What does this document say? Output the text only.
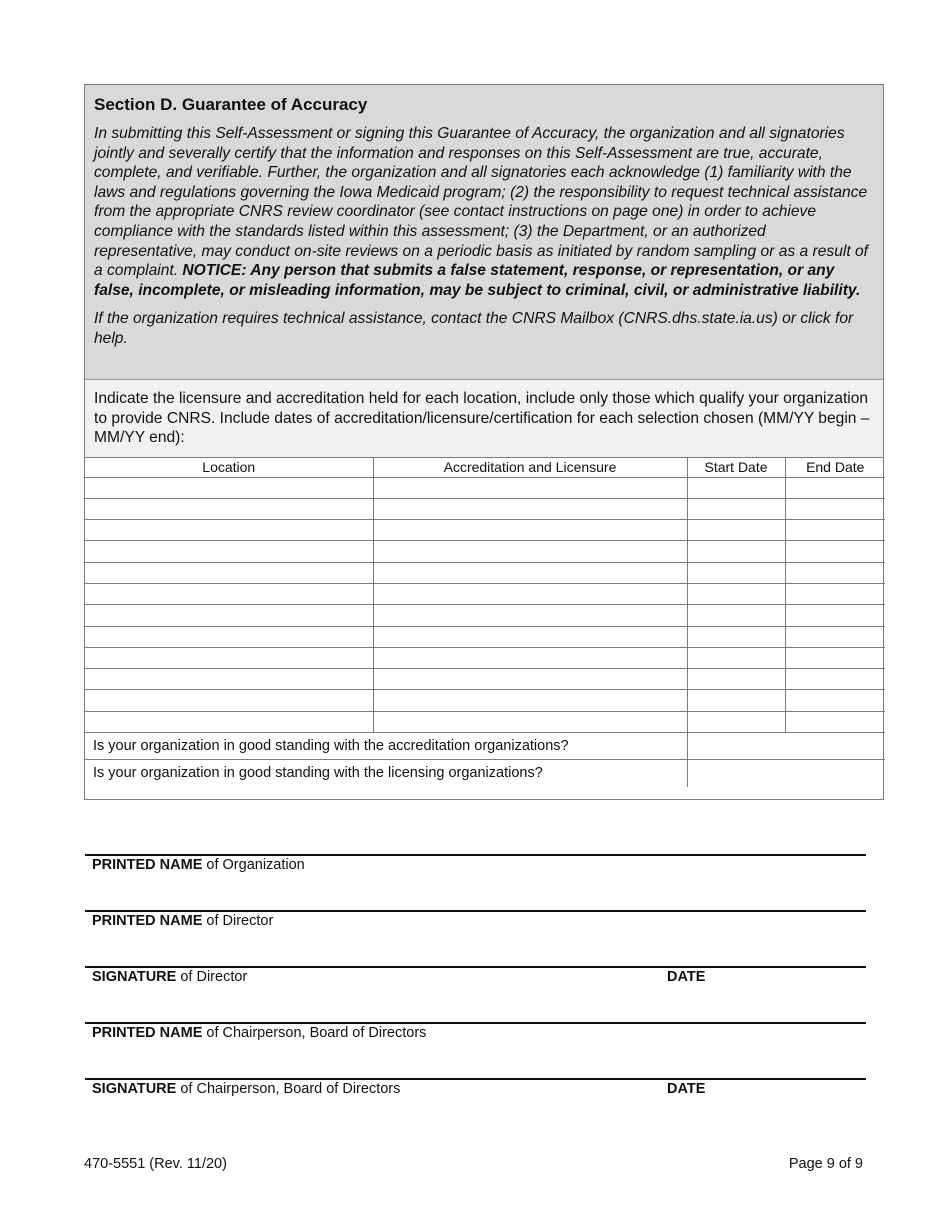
Section D. Guarantee of Accuracy

In submitting this Self-Assessment or signing this Guarantee of Accuracy, the organization and all signatories jointly and severally certify that the information and responses on this Self-Assessment are true, accurate, complete, and verifiable. Further, the organization and all signatories each acknowledge (1) familiarity with the laws and regulations governing the Iowa Medicaid program; (2) the responsibility to request technical assistance from the appropriate CNRS review coordinator (see contact instructions on page one) in order to achieve compliance with the standards listed within this assessment; (3) the Department, or an authorized representative, may conduct on-site reviews on a periodic basis as initiated by random sampling or as a result of a complaint. NOTICE: Any person that submits a false statement, response, or representation, or any false, incomplete, or misleading information, may be subject to criminal, civil, or administrative liability.

If the organization requires technical assistance, contact the CNRS Mailbox (CNRS.dhs.state.ia.us) or click for help.

Indicate the licensure and accreditation held for each location, include only those which qualify your organization to provide CNRS. Include dates of accreditation/licensure/certification for each selection chosen (MM/YY begin – MM/YY end):
Location	Accreditation and Licensure	Start Date	End Date

Is your organization in good standing with the accreditation organizations?			
Is your organization in good standing with the licensing organizations?			
PRINTED NAME of Organization
PRINTED NAME of Director
SIGNATURE of Director	DATE
PRINTED NAME of Chairperson, Board of Directors
SIGNATURE of Chairperson, Board of Directors	DATE
470-5551 (Rev. 11/20)	Page 9 of 9
